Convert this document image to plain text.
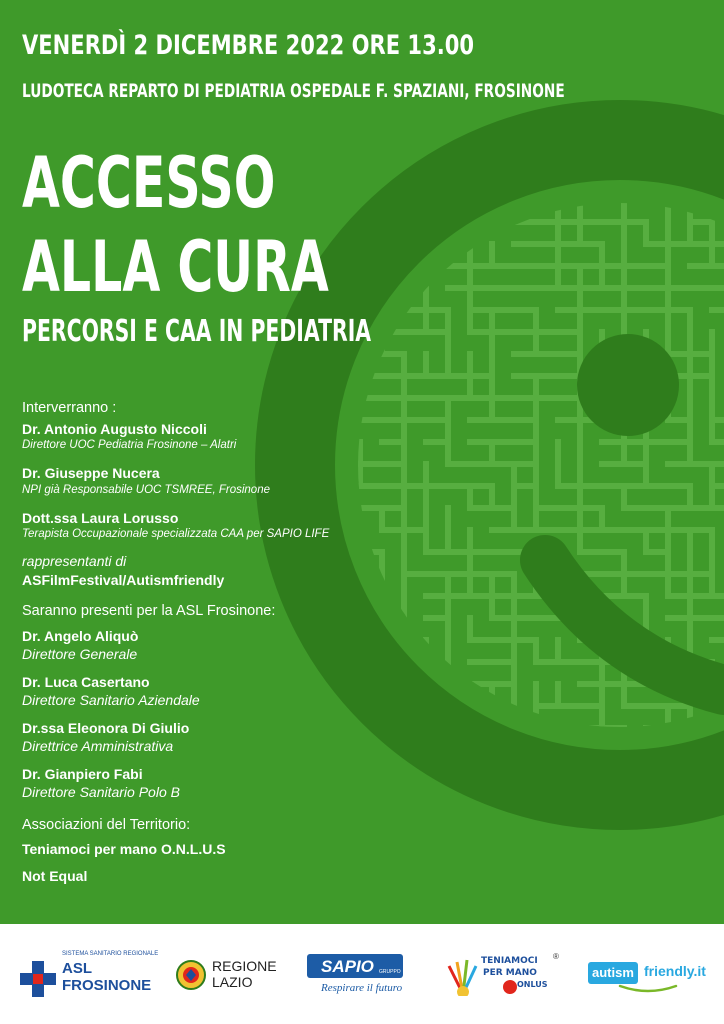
VENERDÌ 2 DICEMBRE 2022 ORE 13.00
LUDOTECA REPARTO DI PEDIATRIA OSPEDALE F. SPAZIANI, FROSINONE
ACCESSO
ALLA CURA
PERCORSI E CAA IN PEDIATRIA
Interverranno :
Dr. Antonio Augusto Niccoli
Direttore UOC Pediatria Frosinone – Alatri
Dr. Giuseppe Nucera
NPI già Responsabile UOC TSMREE, Frosinone
Dott.ssa Laura Lorusso
Terapista Occupazionale specializzata CAA per SAPIO LIFE
rappresentanti di
ASFilmFestival/Autismfriendly
Saranno presenti per la ASL Frosinone:
Dr. Angelo Aliquò
Direttore Generale
Dr. Luca Casertano
Direttore Sanitario Aziendale
Dr.ssa Eleonora Di Giulio
Direttrice Amministrativa
Dr. Gianpiero Fabi
Direttore Sanitario Polo B
Associazioni del Territorio:
Teniamoci per mano O.N.L.U.S
Not Equal
SISTEMA SANITARIO REGIONALE
ASL
FROSINONE
REGIONE
LAZIO
SAPIO GRUPPO
Respirare il futuro
TENIAMOCI
PER MANO
ONLUS
®
autism friendly.it
